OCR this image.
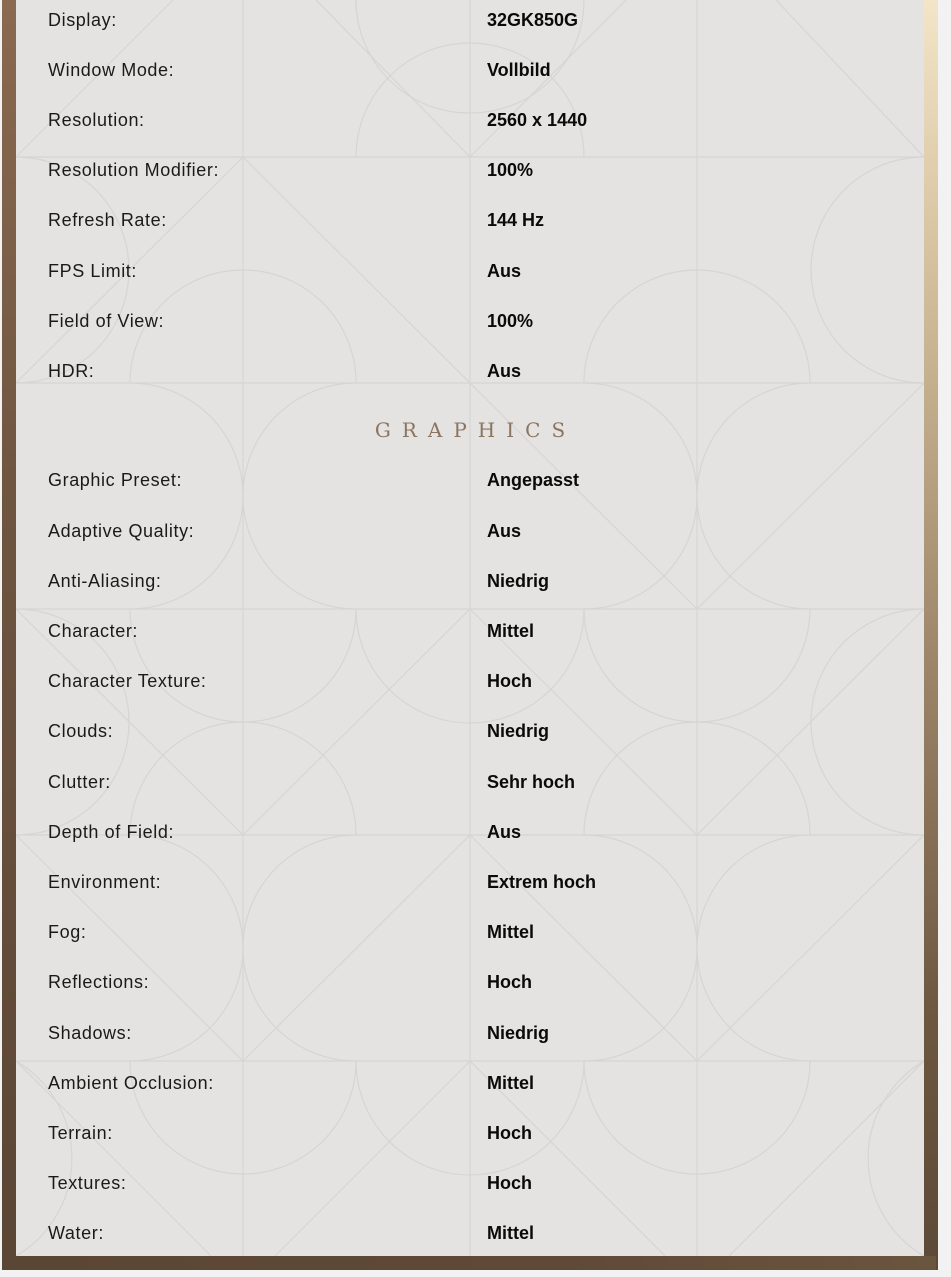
Display:	32GK850G
Window Mode:	Vollbild
Resolution:	2560 x 1440
Resolution Modifier:	100%
Refresh Rate:	144 Hz
FPS Limit:	Aus
Field of View:	100%
HDR:	Aus
GRAPHICS
Graphic Preset:	Angepasst
Adaptive Quality:	Aus
Anti-Aliasing:	Niedrig
Character:	Mittel
Character Texture:	Hoch
Clouds:	Niedrig
Clutter:	Sehr hoch
Depth of Field:	Aus
Environment:	Extrem hoch
Fog:	Mittel
Reflections:	Hoch
Shadows:	Niedrig
Ambient Occlusion:	Mittel
Terrain:	Hoch
Textures:	Hoch
Water:	Mittel
